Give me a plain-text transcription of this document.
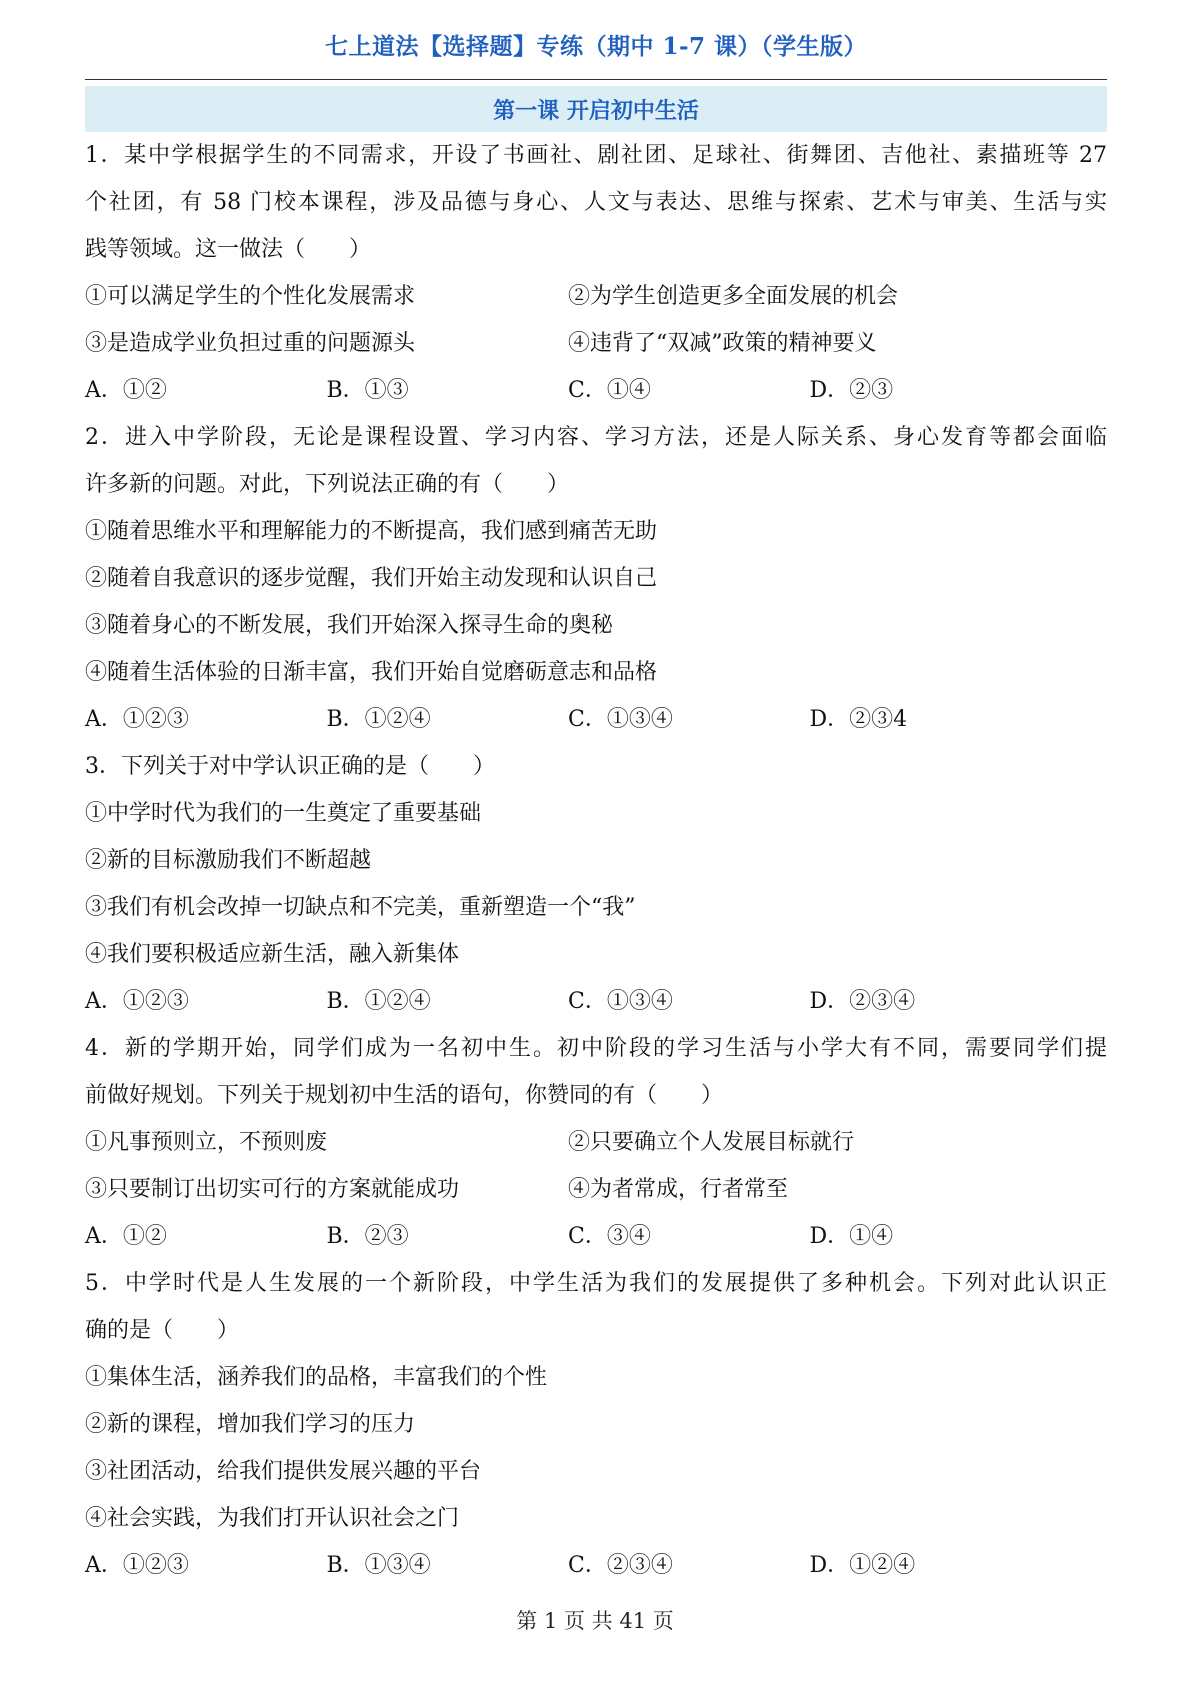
七上道法【选择题】专练（期中 1-7 课）（学生版）
第一课 开启初中生活
1．某中学根据学生的不同需求，开设了书画社、剧社团、足球社、街舞团、吉他社、素描班等 27
个社团，有 58 门校本课程，涉及品德与身心、人文与表达、思维与探索、艺术与审美、生活与实
践等领域。这一做法（　　）
①可以满足学生的个性化发展需求	②为学生创造更多全面发展的机会
③是造成学业负担过重的问题源头	④违背了“双减”政策的精神要义
A．①②	B．①③	C．①④	D．②③
2．进入中学阶段，无论是课程设置、学习内容、学习方法，还是人际关系、身心发育等都会面临
许多新的问题。对此，下列说法正确的有（　　）
①随着思维水平和理解能力的不断提高，我们感到痛苦无助
②随着自我意识的逐步觉醒，我们开始主动发现和认识自己
③随着身心的不断发展，我们开始深入探寻生命的奥秘
④随着生活体验的日渐丰富，我们开始自觉磨砺意志和品格
A．①②③	B．①②④	C．①③④	D．②③4
3．下列关于对中学认识正确的是（　　）
①中学时代为我们的一生奠定了重要基础
②新的目标激励我们不断超越
③我们有机会改掉一切缺点和不完美，重新塑造一个“我”
④我们要积极适应新生活，融入新集体
A．①②③	B．①②④	C．①③④	D．②③④
4．新的学期开始，同学们成为一名初中生。初中阶段的学习生活与小学大有不同，需要同学们提
前做好规划。下列关于规划初中生活的语句，你赞同的有（　　）
①凡事预则立，不预则废	②只要确立个人发展目标就行
③只要制订出切实可行的方案就能成功	④为者常成，行者常至
A．①②	B．②③	C．③④	D．①④
5．中学时代是人生发展的一个新阶段，中学生活为我们的发展提供了多种机会。下列对此认识正
确的是（　　）
①集体生活，涵养我们的品格，丰富我们的个性
②新的课程，增加我们学习的压力
③社团活动，给我们提供发展兴趣的平台
④社会实践，为我们打开认识社会之门
A．①②③	B．①③④	C．②③④	D．①②④
第 1 页 共 41 页
